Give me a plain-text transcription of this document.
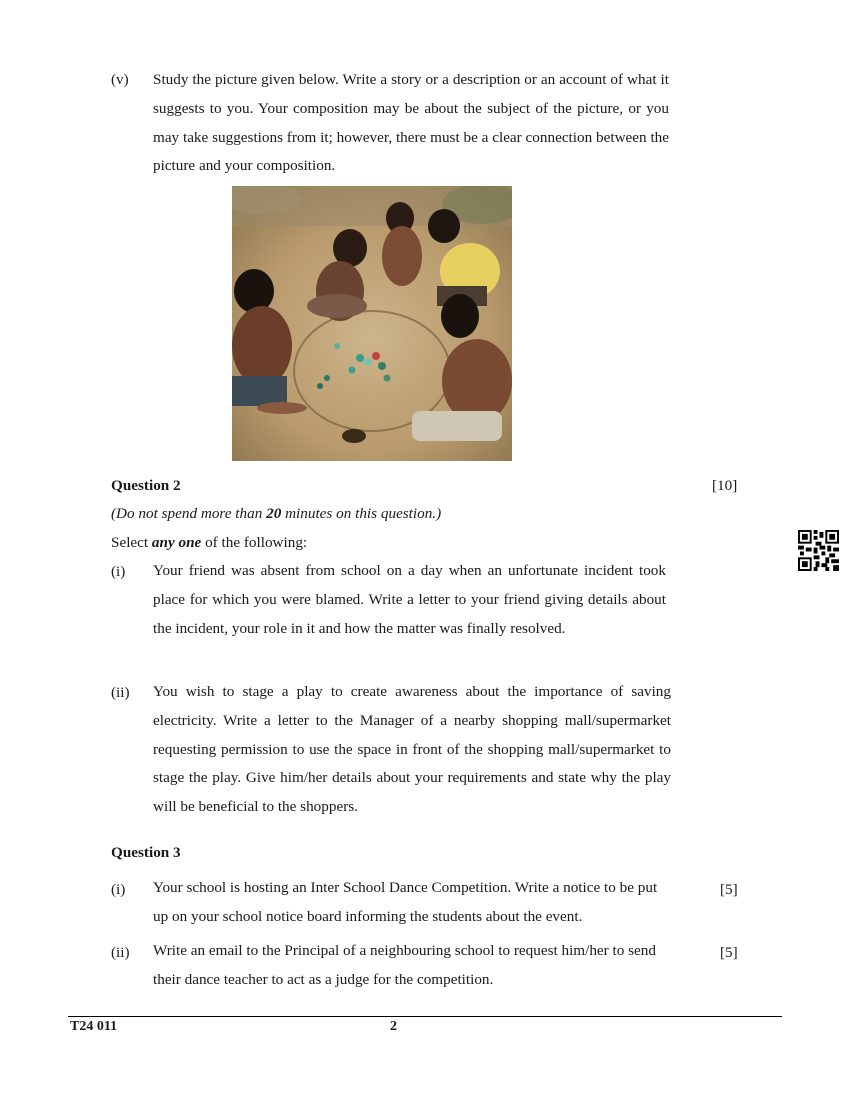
(v) Study the picture given below. Write a story or a description or an account of what it suggests to you. Your composition may be about the subject of the picture, or you may take suggestions from it; however, there must be a clear connection between the picture and your composition.
Question 2	[10]
(Do not spend more than 20 minutes on this question.)
Select any one of the following:
(i) Your friend was absent from school on a day when an unfortunate incident took place for which you were blamed. Write a letter to your friend giving details about the incident, your role in it and how the matter was finally resolved.
(ii) You wish to stage a play to create awareness about the importance of saving electricity. Write a letter to the Manager of a nearby shopping mall/supermarket requesting permission to use the space in front of the shopping mall/supermarket to stage the play. Give him/her details about your requirements and state why the play will be beneficial to the shoppers.
Question 3
(i) Your school is hosting an Inter School Dance Competition. Write a notice to be put up on your school notice board informing the students about the event.
[5]
(ii) Write an email to the Principal of a neighbouring school to request him/her to send their dance teacher to act as a judge for the competition.
[5]
T24 011	2
